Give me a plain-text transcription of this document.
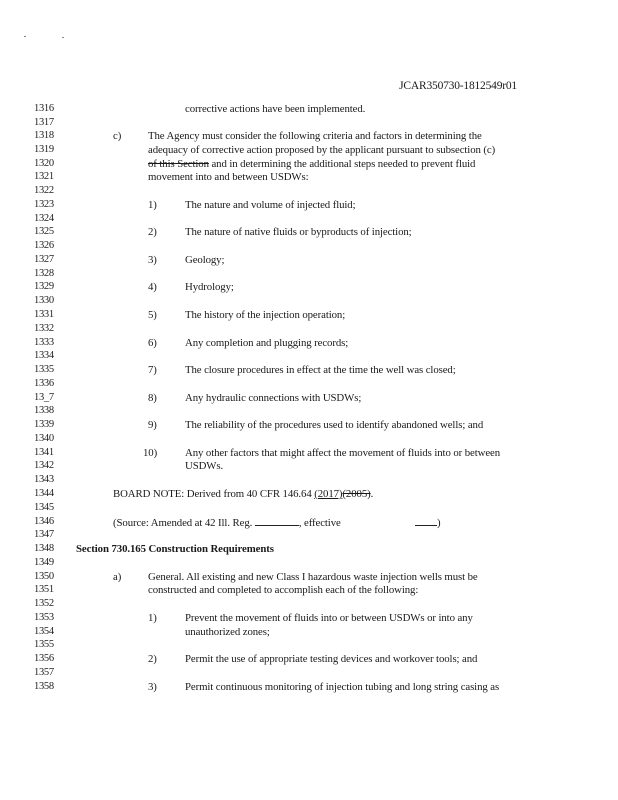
JCAR350730-1812549r01
1316
1317
1318
1319
1320
1321
1322
1323
1324
1325
1326
1327
1328
1329
1330
1331
1332
1333
1334
1335
1336
13_7
1338
1339
1340
1341
1342
1343
1344
1345
1346
1347
1348
1349
1350
1351
1352
1353
1354
1355
1356
1357
1358
corrective actions have been implemented.
c) The Agency must consider the following criteria and factors in determining the
adequacy of corrective action proposed by the applicant pursuant to subsection (c)
of this Section and in determining the additional steps needed to prevent fluid
movement into and between USDWs:
1)	The nature and volume of injected fluid;
2)	The nature of native fluids or byproducts of injection;
3)	Geology;
4)	Hydrology;
5)	The history of the injection operation;
6)	Any completion and plugging records;
7)	The closure procedures in effect at the time the well was closed;
8)	Any hydraulic connections with USDWs;
9)	The reliability of the procedures used to identify abandoned wells; and
10)	Any other factors that might affect the movement of fluids into or between
USDWs.
BOARD NOTE: Derived from 40 CFR 146.64 (2017)(2005).
(Source: Amended at 42 Ill. Reg.	, effective	)
Section 730.165 Construction Requirements
a) General. All existing and new Class I hazardous waste injection wells must be
constructed and completed to accomplish each of the following:
1)	Prevent the movement of fluids into or between USDWs or into any
unauthorized zones;
2)	Permit the use of appropriate testing devices and workover tools; and
3)	Permit continuous monitoring of injection tubing and long string casing as
